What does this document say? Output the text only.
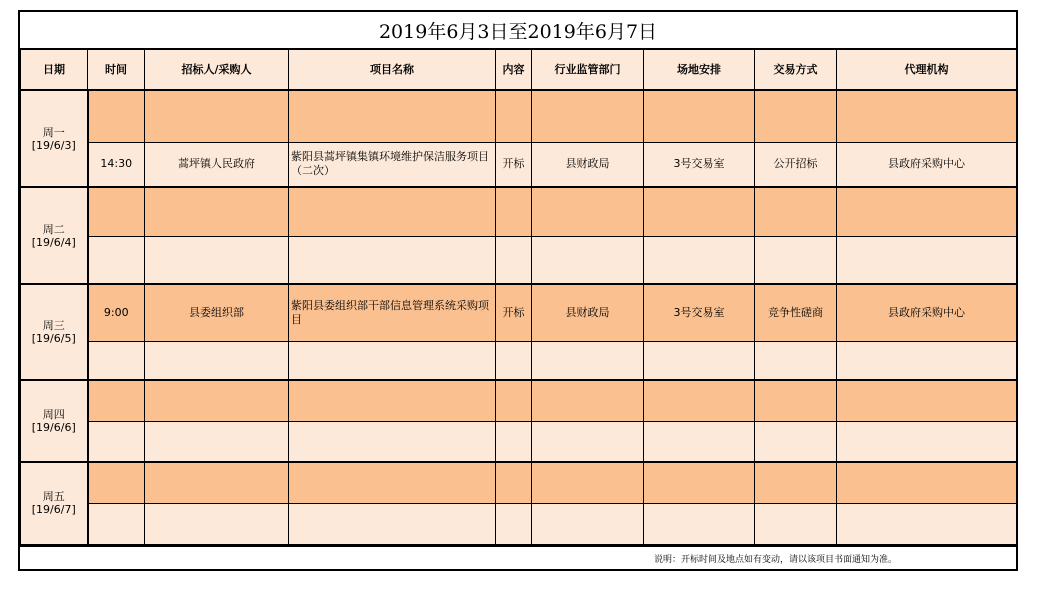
2019年6月3日至2019年6月7日
日期	时间	招标人/采购人	项目名称	内容	行业监管部门	场地安排	交易方式	代理机构

周一
[19/6/3]								

	14:30	蒿坪镇人民政府	紫阳县蒿坪镇集镇环境维护保洁服务项目（二次）	开标	县财政局	3号交易室	公开招标	县政府采购中心

周二
[19/6/4]								

周三
[19/6/5]	9:00	县委组织部	紫阳县委组织部干部信息管理系统采购项目	开标	县财政局	3号交易室	竞争性磋商	县政府采购中心

周四
[19/6/6]								

周五
[19/6/7]								

说明：开标时间及地点如有变动，请以该项目书面通知为准。
